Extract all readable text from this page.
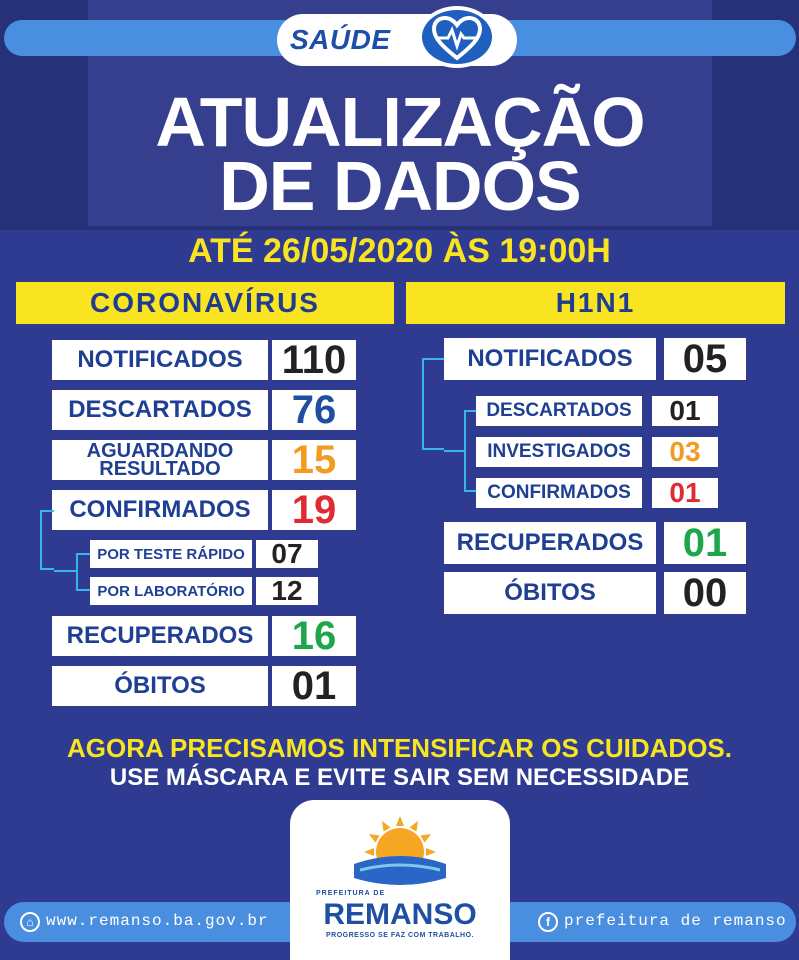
SAÚDE
ATUALIZAÇÃO
DE DADOS
ATÉ 26/05/2020 ÀS 19:00H
CORONAVÍRUS
NOTIFICADOS 110
DESCARTADOS 76
AGUARDANDO
RESULTADO	15
CONFIRMADOS	19
POR TESTE RÁPIDO 07
POR LABORATÓRIO 12
RECUPERADOS 16
ÓBITOS	01
H1N1
NOTIFICADOS	05
DESCARTADOS	01
INVESTIGADOS	03
CONFIRMADOS	01
RECUPERADOS 01
ÓBITOS	00
AGORA PRECISAMOS INTENSIFICAR OS CUIDADOS.
USE MÁSCARA E EVITE SAIR SEM NECESSIDADE
⌂ www.remanso.ba.gov.br	f prefeitura de remanso
PREFEITURA DE
REMANSO
PROGRESSO SE FAZ COM TRABALHO.
